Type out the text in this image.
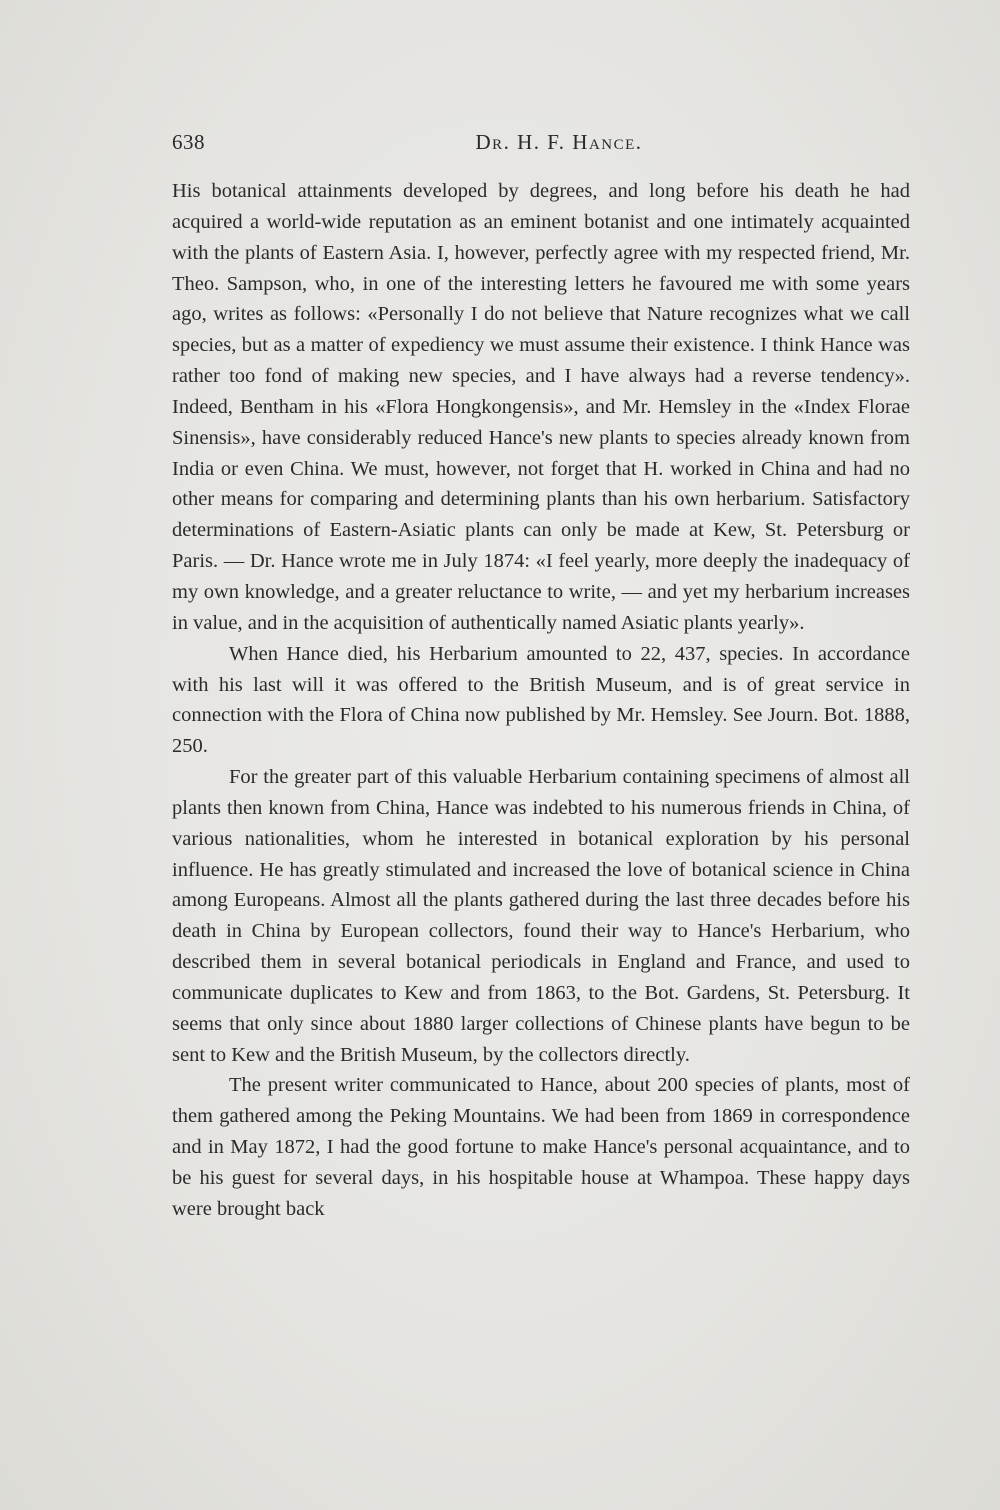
638	Dr. H. F. Hance.

His botanical attainments developed by degrees, and long before his death he had acquired a world-wide reputation as an eminent botanist and one intimately acquainted with the plants of Eastern Asia. I, however, perfectly agree with my respected friend, Mr. Theo. Sampson, who, in one of the interesting letters he favoured me with some years ago, writes as follows: «Personally I do not believe that Nature recognizes what we call species, but as a matter of expediency we must assume their existence. I think Hance was rather too fond of making new species, and I have always had a reverse tendency». Indeed, Bentham in his «Flora Hongkongensis», and Mr. Hemsley in the «Index Florae Sinensis», have considerably reduced Hance's new plants to species already known from India or even China. We must, however, not forget that H. worked in China and had no other means for comparing and determining plants than his own herbarium. Satisfactory determinations of Eastern-Asiatic plants can only be made at Kew, St. Petersburg or Paris. — Dr. Hance wrote me in July 1874: «I feel yearly, more deeply the inadequacy of my own knowledge, and a greater reluctance to write, — and yet my herbarium increases in value, and in the acquisition of authentically named Asiatic plants yearly».

When Hance died, his Herbarium amounted to 22, 437, species. In accordance with his last will it was offered to the British Museum, and is of great service in connection with the Flora of China now published by Mr. Hemsley. See Journ. Bot. 1888, 250.

For the greater part of this valuable Herbarium containing specimens of almost all plants then known from China, Hance was indebted to his numerous friends in China, of various nationalities, whom he interested in botanical exploration by his personal influence. He has greatly stimulated and increased the love of botanical science in China among Europeans. Almost all the plants gathered during the last three decades before his death in China by European collectors, found their way to Hance's Herbarium, who described them in several botanical periodicals in England and France, and used to communicate duplicates to Kew and from 1863, to the Bot. Gardens, St. Petersburg. It seems that only since about 1880 larger collections of Chinese plants have begun to be sent to Kew and the British Museum, by the collectors directly.

The present writer communicated to Hance, about 200 species of plants, most of them gathered among the Peking Mountains. We had been from 1869 in correspondence and in May 1872, I had the good fortune to make Hance's personal acquaintance, and to be his guest for several days, in his hospitable house at Whampoa. These happy days were brought back
